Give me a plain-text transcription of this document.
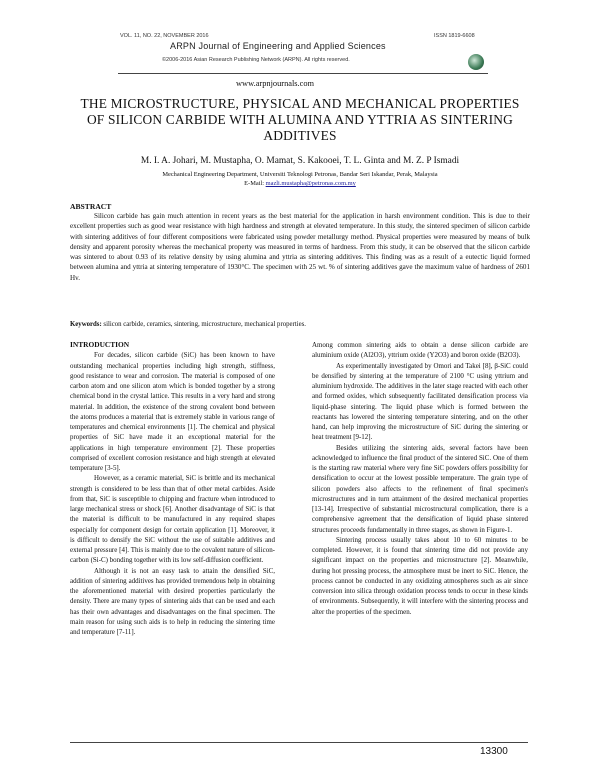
VOL. 11, NO. 22, NOVEMBER 2016	ISSN 1819-6608
ARPN Journal of Engineering and Applied Sciences
©2006-2016 Asian Research Publishing Network (ARPN). All rights reserved.
www.arpnjournals.com
THE MICROSTRUCTURE, PHYSICAL AND MECHANICAL PROPERTIES
OF SILICON CARBIDE WITH ALUMINA AND YTTRIA AS SINTERING
ADDITIVES
M. I. A. Johari, M. Mustapha, O. Mamat, S. Kakooei, T. L. Ginta and M. Z. P Ismadi
Mechanical Engineering Department, Universiti Teknologi Petronas, Bandar Seri Iskandar, Perak, Malaysia
E-Mail: mazli.mustapha@petronas.com.my
ABSTRACT
Silicon carbide has gain much attention in recent years as the best material for the application in harsh environment condition. This is due to their excellent properties such as good wear resistance with high hardness and strength at elevated temperature. In this study, the sintered specimen of silicon carbide with sintering additives of four different compositions were fabricated using powder metallurgy method. Physical properties were measured by means of bulk density and apparent porosity whereas the mechanical property was measured in terms of hardness. From this study, it can be observed that the silicon carbide was sintered to about 0.93 of its relative density by using alumina and yttria as sintering additives. This finding was as a result of a eutectic liquid formed between alumina and yttria at sintering temperature of 1930°C. The specimen with 25 wt. % of sintering additives gave the maximum value of hardness of 2601 Hv.
Keywords: silicon carbide, ceramics, sintering, microstructure, mechanical properties.
INTRODUCTION

For decades, silicon carbide (SiC) has been known to have outstanding mechanical properties including high strength, stiffness, good resistance to wear and corrosion. The material is composed of one carbon atom and one silicon atom which is bonded together by a strong chemical bond in the crystal lattice. This results in a very hard and strong material. In addition, the existence of the strong covalent bond between the atoms produces a material that is extremely stable in various range of temperatures and chemical environments [1]. The chemical and physical properties of SiC have made it an exceptional material for the applications in high temperature environment [2]. These properties comprised of excellent corrosion resistance and high strength at elevated temperature [3-5].

However, as a ceramic material, SiC is brittle and its mechanical strength is considered to be less than that of other metal carbides. Aside from that, SiC is susceptible to chipping and fracture when introduced to large mechanical stress or shock [6]. Another disadvantage of SiC is that the material is difficult to be manufactured in any required shapes especially for component design for certain application [1]. Moreover, it is difficult to densify the SiC without the use of suitable additives and external pressure [4]. This is mainly due to the covalent nature of silicon-carbon (Si-C) bonding together with its low self-diffusion coefficient.

Although it is not an easy task to attain the densified SiC, addition of sintering additives has provided tremendous help in obtaining the aforementioned material with desired properties particularly the density. There are many types of sintering aids that can be used and each has their own advantages and disadvantages on the final specimen. The main reason for using such aids is to help in reducing the sintering time and temperature [7-11].

Among common sintering aids to obtain a dense silicon carbide are aluminium oxide (Al2O3), yttrium oxide (Y2O3) and boron oxide (B2O3).

As experimentally investigated by Omori and Takei [8], β-SiC could be densified by sintering at the temperature of 2100 °C using yttrium and aluminium hydroxide. The additives in the later stage reacted with each other and formed oxides, which subsequently facilitated densification process via liquid-phase sintering. The liquid phase which is formed between the reactants has lowered the sintering temperature sintering, and on the other hand, can help improving the microstructure of SiC during the sintering or heat treatment [9-12].

Besides utilizing the sintering aids, several factors have been acknowledged to influence the final product of the sintered SiC. One of them is the starting raw material where very fine SiC powders offers possibility for densification to occur at the lowest possible temperature. The grain type of silicon powders also affects to the refinement of final specimen's microstructures and in turn attainment of the desired mechanical properties [13-14]. Irrespective of substantial microstructural complication, there is a comprehensive agreement that the densification of liquid phase sintered structures proceeds fundamentally in three stages, as shown in Figure-1.

Sintering process usually takes about 10 to 60 minutes to be completed. However, it is found that sintering time did not provide any significant impact on the properties and microstructure [2]. Meanwhile, during hot pressing process, the atmosphere must be inert to SiC. Hence, the process cannot be conducted in any oxidizing atmospheres such as air since conversion into silica through oxidation process tends to occur in these kinds of environments. Subsequently, it will interfere with the sintering process and alter the properties of the specimen.

13300
